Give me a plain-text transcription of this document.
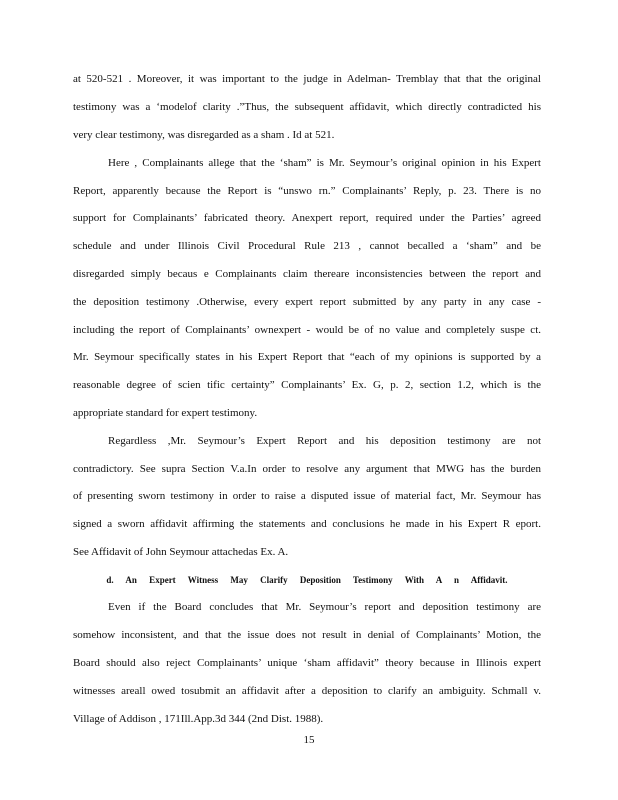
at 520-521 . Moreover, it was important to the judge in Adelman- Tremblay that that the original
testimony was a ‘modelof clarity .”Thus, the subsequent affidavit, which directly contradicted his
very clear testimony, was disregarded as a sham . Id at 521.
Here , Complainants allege that the ‘sham” is Mr. Seymour’s original opinion in his Expert
Report, apparently because the Report is “unswo rn.” Complainants’ Reply, p. 23. There is no
support for Complainants’ fabricated theory. Anexpert report, required under the Parties’ agreed
schedule and under Illinois Civil Procedural Rule 213 , cannot becalled a ‘sham” and be
disregarded simply becaus e Complainants claim thereare inconsistencies between the report and
the deposition testimony .Otherwise, every expert report submitted by any party in any case -
including the report of Complainants’ ownexpert - would be of no value and completely suspe ct.
Mr. Seymour specifically states in his Expert Report that “each of my opinions is supported by a
reasonable degree of scien tific certainty” Complainants’ Ex. G, p. 2, section 1.2, which is the
appropriate standard for expert testimony.
Regardless ,Mr. Seymour’s Expert Report and his deposition testimony are not
contradictory. See supra Section V.a.In order to resolve any argument that MWG has the burden
of presenting sworn testimony in order to raise a disputed issue of material fact, Mr. Seymour has
signed a sworn affidavit affirming the statements and conclusions he made in his Expert R eport.
See Affidavit of John Seymour attachedas Ex. A.
d. An Expert Witness May Clarify Deposition Testimony With A n Affidavit.
Even if the Board concludes that Mr. Seymour’s report and deposition testimony are
somehow inconsistent, and that the issue does not result in denial of Complainants’ Motion, the
Board should also reject Complainants’ unique ‘sham affidavit” theory because in Illinois expert
witnesses areall owed tosubmit an affidavit after a deposition to clarify an ambiguity. Schmall v.
Village of Addison , 171Ill.App.3d 344 (2nd Dist. 1988).
15
